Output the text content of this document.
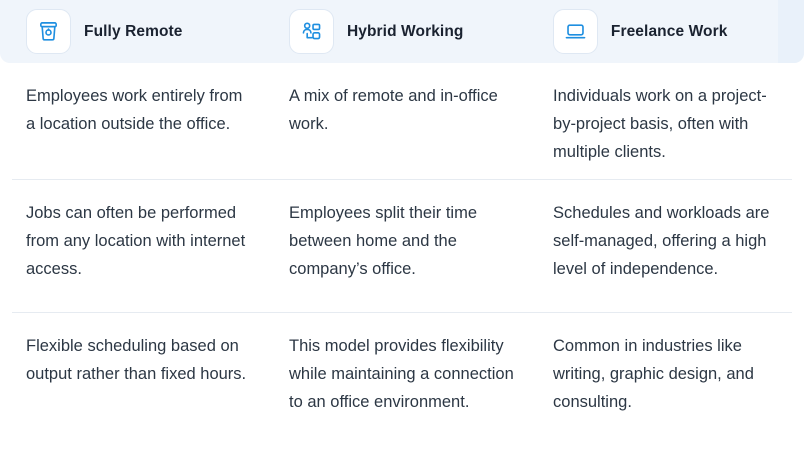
Fully Remote	Hybrid Working	Freelance Work
Employees work entirely from a location outside the office.
A mix of remote and in-office work.
Individuals work on a project-by-project basis, often with multiple clients.
Jobs can often be performed from any location with internet access.
Employees split their time between home and the company’s office.
Schedules and workloads are self-managed, offering a high level of independence.
Flexible scheduling based on output rather than fixed hours.
This model provides flexibility while maintaining a connection to an office environment.
Common in industries like writing, graphic design, and consulting.
